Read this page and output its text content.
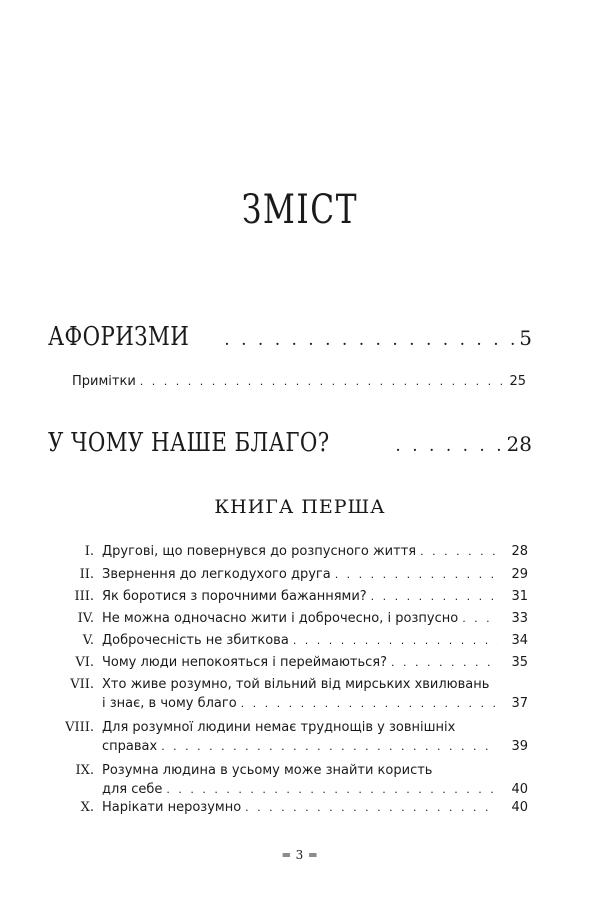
ЗМІСТ
АФОРИЗМИ . . .	5
Примітки . . .	25
У ЧОМУ НАШЕ БЛАГО? . . .	28
КНИГА ПЕРША
I. Другові, що повернувся до розпусного життя . . .	28
II. Звернення до легкодухого друга . . .	29
III. Як боротися з порочними бажаннями? . . .	31
IV. Не можна одночасно жити і доброчесно, і розпусно . . .	33
V. Доброчесність не збиткова . . .	34
VI. Чому люди непокояться і переймаються? . . .	35
VII. Хто живе розумно, той вільний від мирських хвилювань
і знає, в чому благо . . .	37
VIII. Для розумної людини немає труднощів у зовнішніх
справах . . .	39
IX. Розумна людина в усьому може знайти користь
для себе . . .	40
X. Нарікати нерозумно . . .	40
═ 3 ═
